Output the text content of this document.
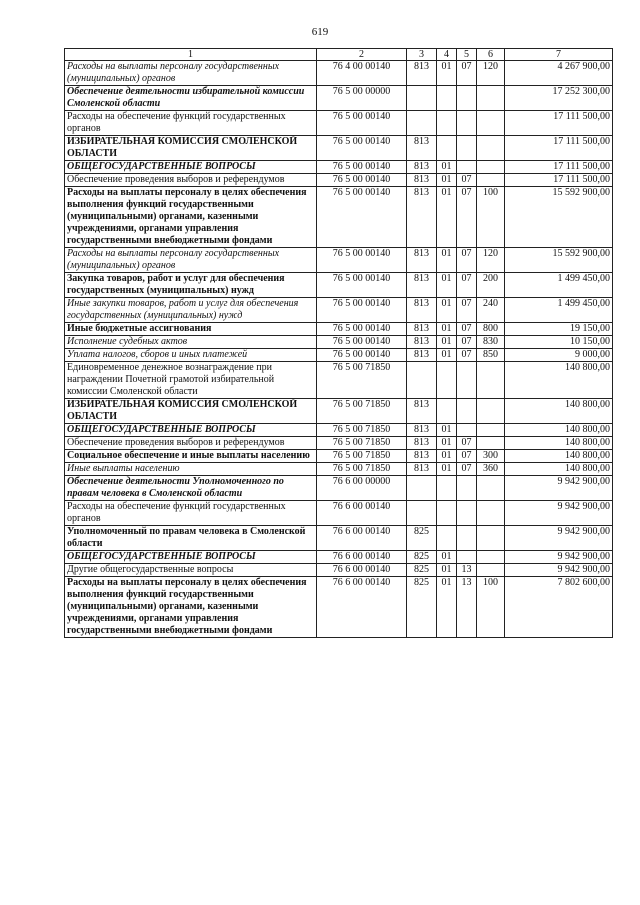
619
1	2	3	4	5	6	7
Расходы на выплаты персоналу государственных (муниципальных) органов	76 4 00 00140	813	01	07	120	4 267 900,00
Обеспечение деятельности избирательной комиссии Смоленской области	76 5 00 00000					17 252 300,00
Расходы на обеспечение функций государственных органов	76 5 00 00140					17 111 500,00
ИЗБИРАТЕЛЬНАЯ КОМИССИЯ СМОЛЕНСКОЙ ОБЛАСТИ	76 5 00 00140	813				17 111 500,00
ОБЩЕГОСУДАРСТВЕННЫЕ ВОПРОСЫ	76 5 00 00140	813	01			17 111 500,00
Обеспечение проведения выборов и референдумов	76 5 00 00140	813	01	07		17 111 500,00
Расходы на выплаты персоналу в целях обеспечения выполнения функций государственными (муниципальными) органами, казенными учреждениями, органами управления государственными внебюджетными фондами	76 5 00 00140	813	01	07	100	15 592 900,00
Расходы на выплаты персоналу государственных (муниципальных) органов	76 5 00 00140	813	01	07	120	15 592 900,00
Закупка товаров, работ и услуг для обеспечения государственных (муниципальных) нужд	76 5 00 00140	813	01	07	200	1 499 450,00
Иные закупки товаров, работ и услуг для обеспечения государственных (муниципальных) нужд	76 5 00 00140	813	01	07	240	1 499 450,00
Иные бюджетные ассигнования	76 5 00 00140	813	01	07	800	19 150,00
Исполнение судебных актов	76 5 00 00140	813	01	07	830	10 150,00
Уплата налогов, сборов и иных платежей	76 5 00 00140	813	01	07	850	9 000,00
Единовременное денежное вознаграждение при награждении Почетной грамотой избирательной комиссии Смоленской области	76 5 00 71850					140 800,00
ИЗБИРАТЕЛЬНАЯ КОМИССИЯ СМОЛЕНСКОЙ ОБЛАСТИ	76 5 00 71850	813				140 800,00
ОБЩЕГОСУДАРСТВЕННЫЕ ВОПРОСЫ	76 5 00 71850	813	01			140 800,00
Обеспечение проведения выборов и референдумов	76 5 00 71850	813	01	07		140 800,00
Социальное обеспечение и иные выплаты населению	76 5 00 71850	813	01	07	300	140 800,00
Иные выплаты населению	76 5 00 71850	813	01	07	360	140 800,00
Обеспечение деятельности Уполномоченного по правам человека в Смоленской области	76 6 00 00000					9 942 900,00
Расходы на обеспечение функций государственных органов	76 6 00 00140					9 942 900,00
Уполномоченный по правам человека в Смоленской области	76 6 00 00140	825				9 942 900,00
ОБЩЕГОСУДАРСТВЕННЫЕ ВОПРОСЫ	76 6 00 00140	825	01			9 942 900,00
Другие общегосударственные вопросы	76 6 00 00140	825	01	13		9 942 900,00
Расходы на выплаты персоналу в целях обеспечения выполнения функций государственными (муниципальными) органами, казенными учреждениями, органами управления государственными внебюджетными фондами	76 6 00 00140	825	01	13	100	7 802 600,00
